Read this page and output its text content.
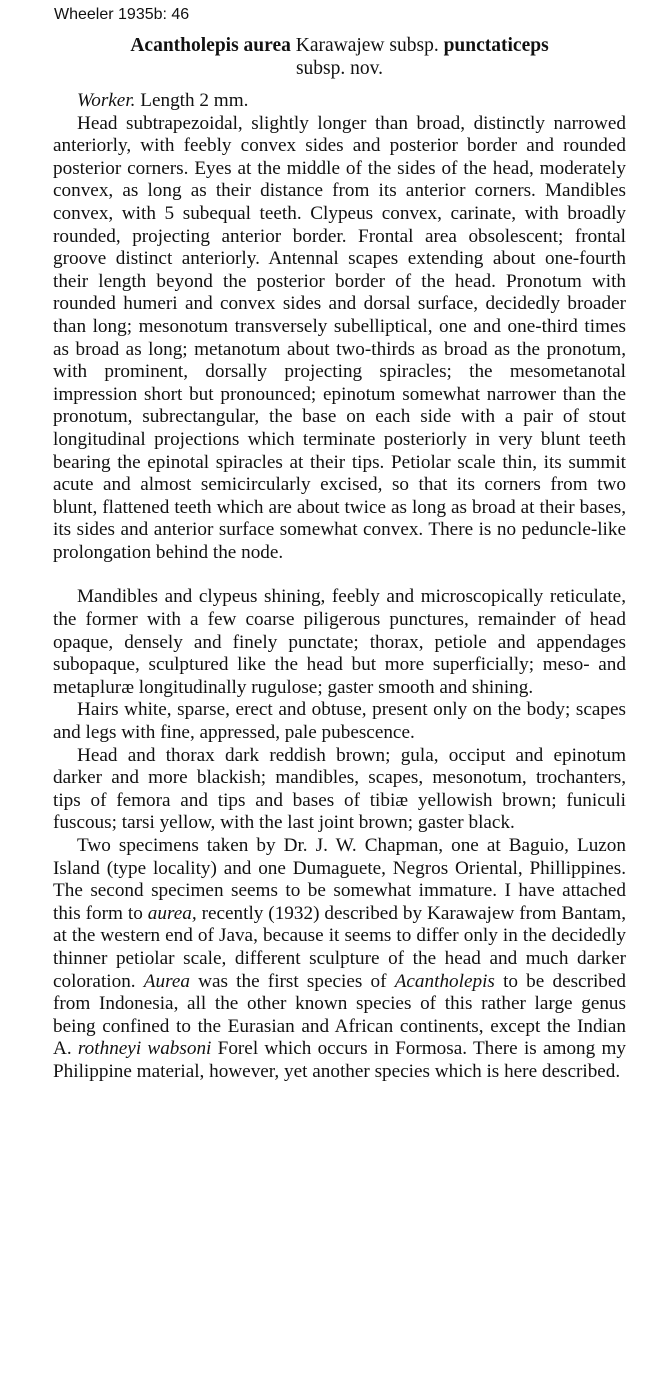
Wheeler 1935b: 46

Acantholepis aurea Karawajew subsp. punctaticeps

subsp. nov.

Worker. Length 2 mm.

Head subtrapezoidal, slightly longer than broad, distinctly narrowed anteriorly, with feebly convex sides and posterior border and rounded posterior corners. Eyes at the middle of the sides of the head, moderately convex, as long as their distance from its anterior corners. Mandibles convex, with 5 subequal teeth. Clypeus convex, carinate, with broadly rounded, projecting anterior border. Frontal area obsolescent; frontal groove distinct anteriorly. Antennal scapes extending about one-fourth their length beyond the posterior border of the head. Pronotum with rounded humeri and convex sides and dorsal surface, decidedly broader than long; mesonotum transversely subelliptical, one and one-third times as broad as long; metanotum about two-thirds as broad as the pronotum, with prominent, dorsally projecting spiracles; the mesometanotal impression short but pronounced; epinotum somewhat narrower than the pronotum, subrectangular, the base on each side with a pair of stout longitudinal projections which terminate posteriorly in very blunt teeth bearing the epinotal spiracles at their tips. Petiolar scale thin, its summit acute and almost semicircularly excised, so that its corners from two blunt, flattened teeth which are about twice as long as broad at their bases, its sides and anterior surface somewhat convex. There is no peduncle-like prolongation behind the node.

Mandibles and clypeus shining, feebly and microscopically reticulate, the former with a few coarse piligerous punctures, remainder of head opaque, densely and finely punctate; thorax, petiole and appendages subopaque, sculptured like the head but more superficially; meso- and metapluræ longitudinally rugulose; gaster smooth and shining.

Hairs white, sparse, erect and obtuse, present only on the body; scapes and legs with fine, appressed, pale pubescence.

Head and thorax dark reddish brown; gula, occiput and epinotum darker and more blackish; mandibles, scapes, mesonotum, trochanters, tips of femora and tips and bases of tibiæ yellowish brown; funiculi fuscous; tarsi yellow, with the last joint brown; gaster black.

Two specimens taken by Dr. J. W. Chapman, one at Baguio, Luzon Island (type locality) and one Dumaguete, Negros Oriental, Phillippines. The second specimen seems to be somewhat immature. I have attached this form to aurea, recently (1932) described by Karawajew from Bantam, at the western end of Java, because it seems to differ only in the decidedly thinner petiolar scale, different sculpture of the head and much darker coloration. Aurea was the first species of Acantholepis to be described from Indonesia, all the other known species of this rather large genus being confined to the Eurasian and African continents, except the Indian A. rothneyi wabsoni Forel which occurs in Formosa. There is among my Philippine material, however, yet another species which is here described.
